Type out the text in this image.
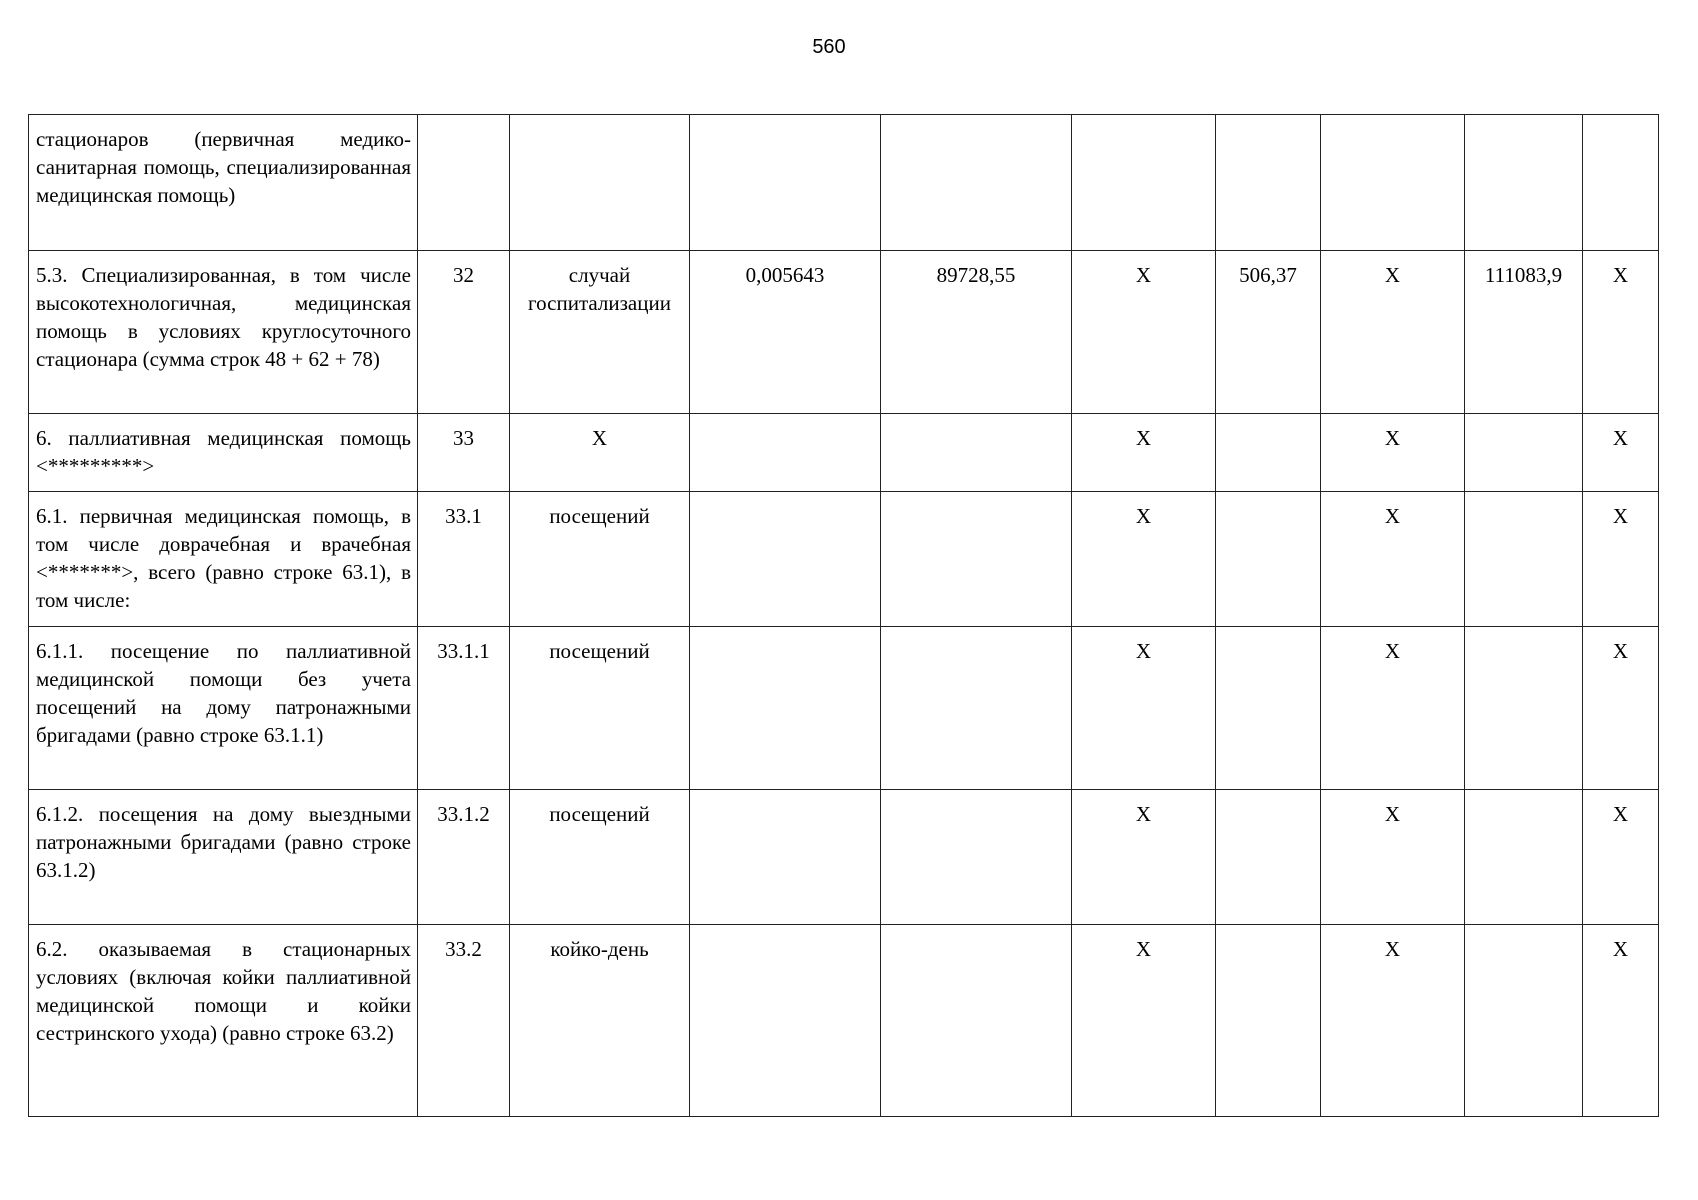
560
стационаров (первичная медико-санитарная помощь, специализированная медицинская помощь)									
5.3. Специализированная, в том числе высокотехнологичная, медицинская помощь в условиях круглосуточного стационара (сумма строк 48 + 62 + 78)	32	случай госпитализации	0,005643	89728,55	X	506,37	X	111083,9	X
6. паллиативная медицинская помощь <*********>	33	X			X		X		X
6.1. первичная медицинская помощь, в том числе доврачебная и врачебная <*******>, всего (равно строке 63.1), в том числе:	33.1	посещений			X		X		X
6.1.1. посещение по паллиативной медицинской помощи без учета посещений на дому патронажными бригадами (равно строке 63.1.1)	33.1.1	посещений			X		X		X
6.1.2. посещения на дому выездными патронажными бригадами (равно строке 63.1.2)	33.1.2	посещений			X		X		X
6.2. оказываемая в стационарных условиях (включая койки паллиативной медицинской помощи и койки сестринского ухода) (равно строке 63.2)	33.2	койко-день			X		X		X
